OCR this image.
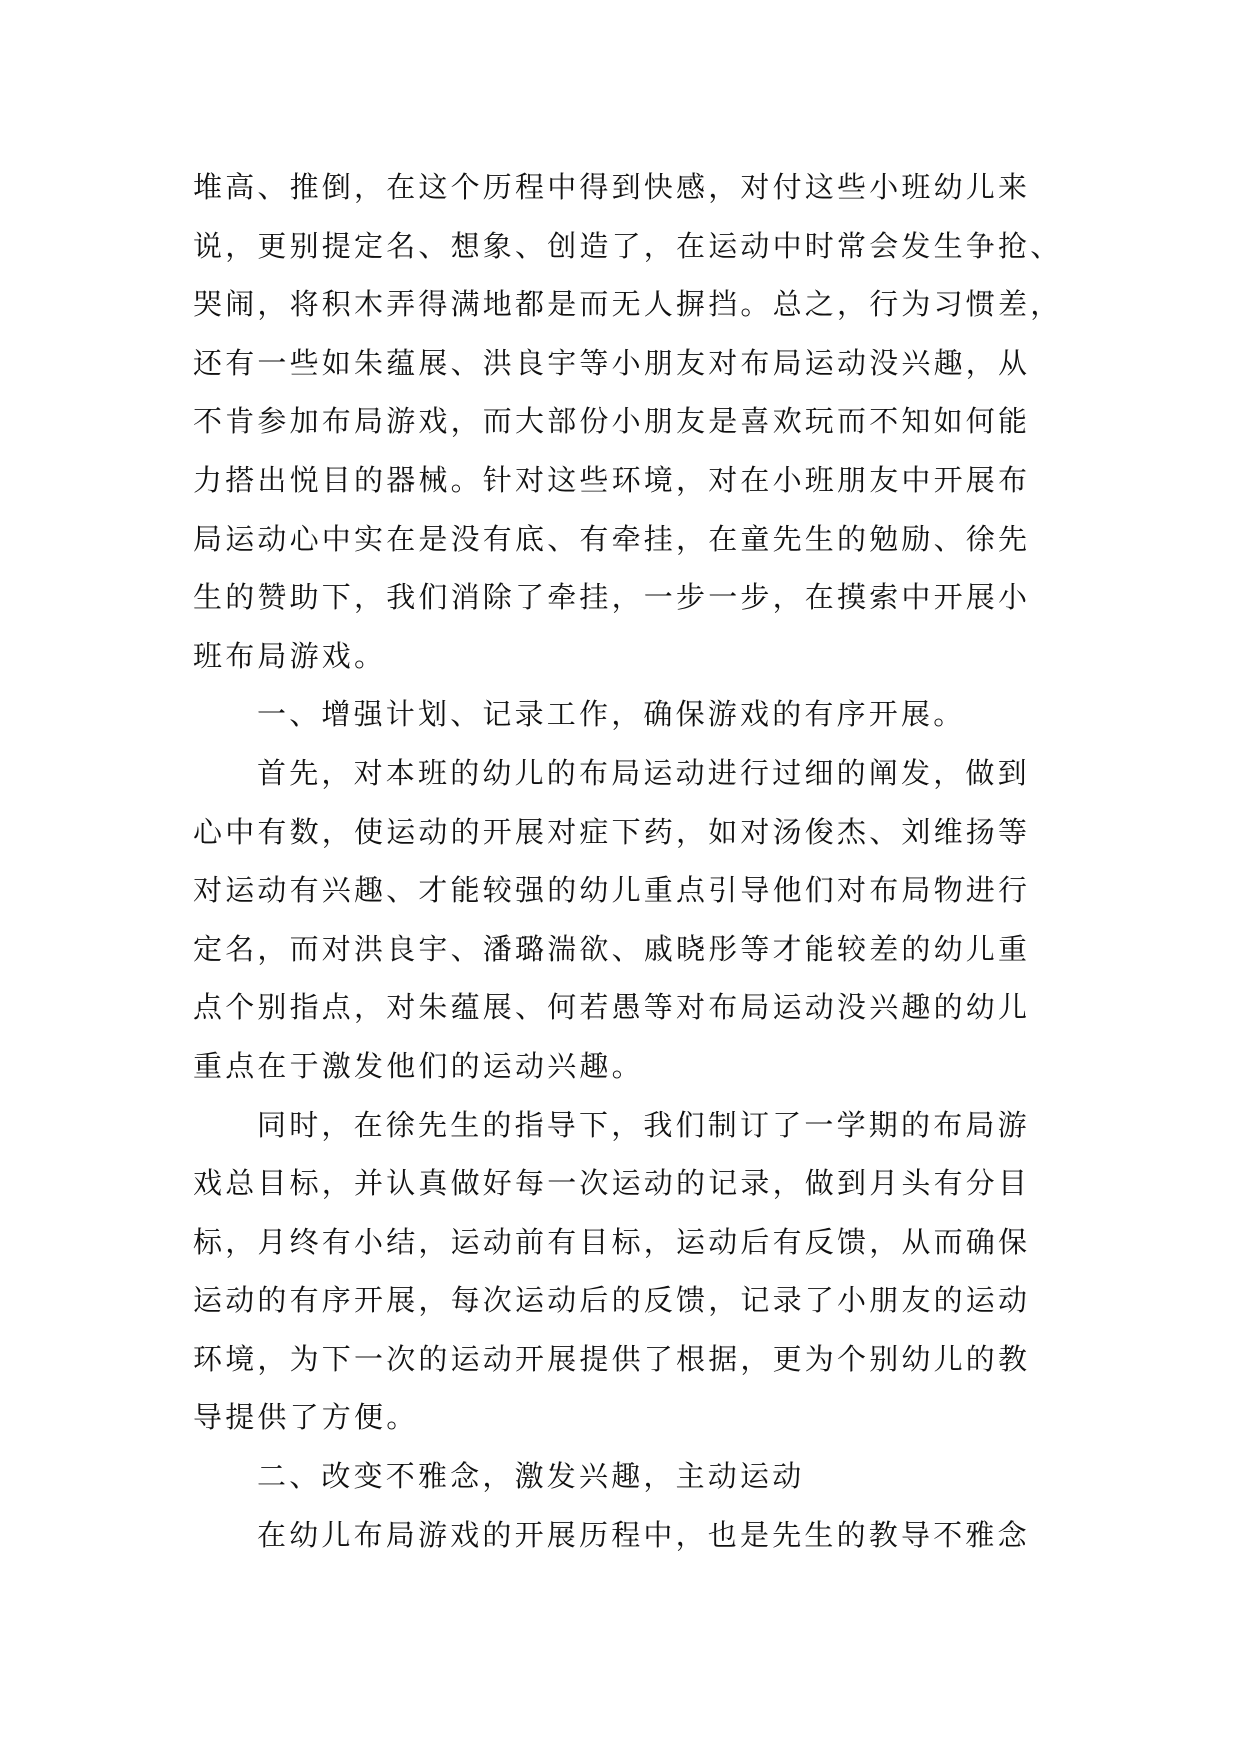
堆高、推倒，在这个历程中得到快感，对付这些小班幼儿来
说，更别提定名、想象、创造了，在运动中时常会发生争抢、
哭闹，将积木弄得满地都是而无人摒挡。总之，行为习惯差，
还有一些如朱蕴展、洪良宇等小朋友对布局运动没兴趣，从
不肯参加布局游戏，而大部份小朋友是喜欢玩而不知如何能
力搭出悦目的器械。针对这些环境，对在小班朋友中开展布
局运动心中实在是没有底、有牵挂，在童先生的勉励、徐先
生的赞助下，我们消除了牵挂，一步一步，在摸索中开展小
班布局游戏。
一、增强计划、记录工作，确保游戏的有序开展。
首先，对本班的幼儿的布局运动进行过细的阐发，做到
心中有数，使运动的开展对症下药，如对汤俊杰、刘维扬等
对运动有兴趣、才能较强的幼儿重点引导他们对布局物进行
定名，而对洪良宇、潘璐湍欲、戚晓彤等才能较差的幼儿重
点个别指点，对朱蕴展、何若愚等对布局运动没兴趣的幼儿
重点在于激发他们的运动兴趣。
同时，在徐先生的指导下，我们制订了一学期的布局游
戏总目标，并认真做好每一次运动的记录，做到月头有分目
标，月终有小结，运动前有目标，运动后有反馈，从而确保
运动的有序开展，每次运动后的反馈，记录了小朋友的运动
环境，为下一次的运动开展提供了根据，更为个别幼儿的教
导提供了方便。
二、改变不雅念，激发兴趣，主动运动
在幼儿布局游戏的开展历程中，也是先生的教导不雅念
